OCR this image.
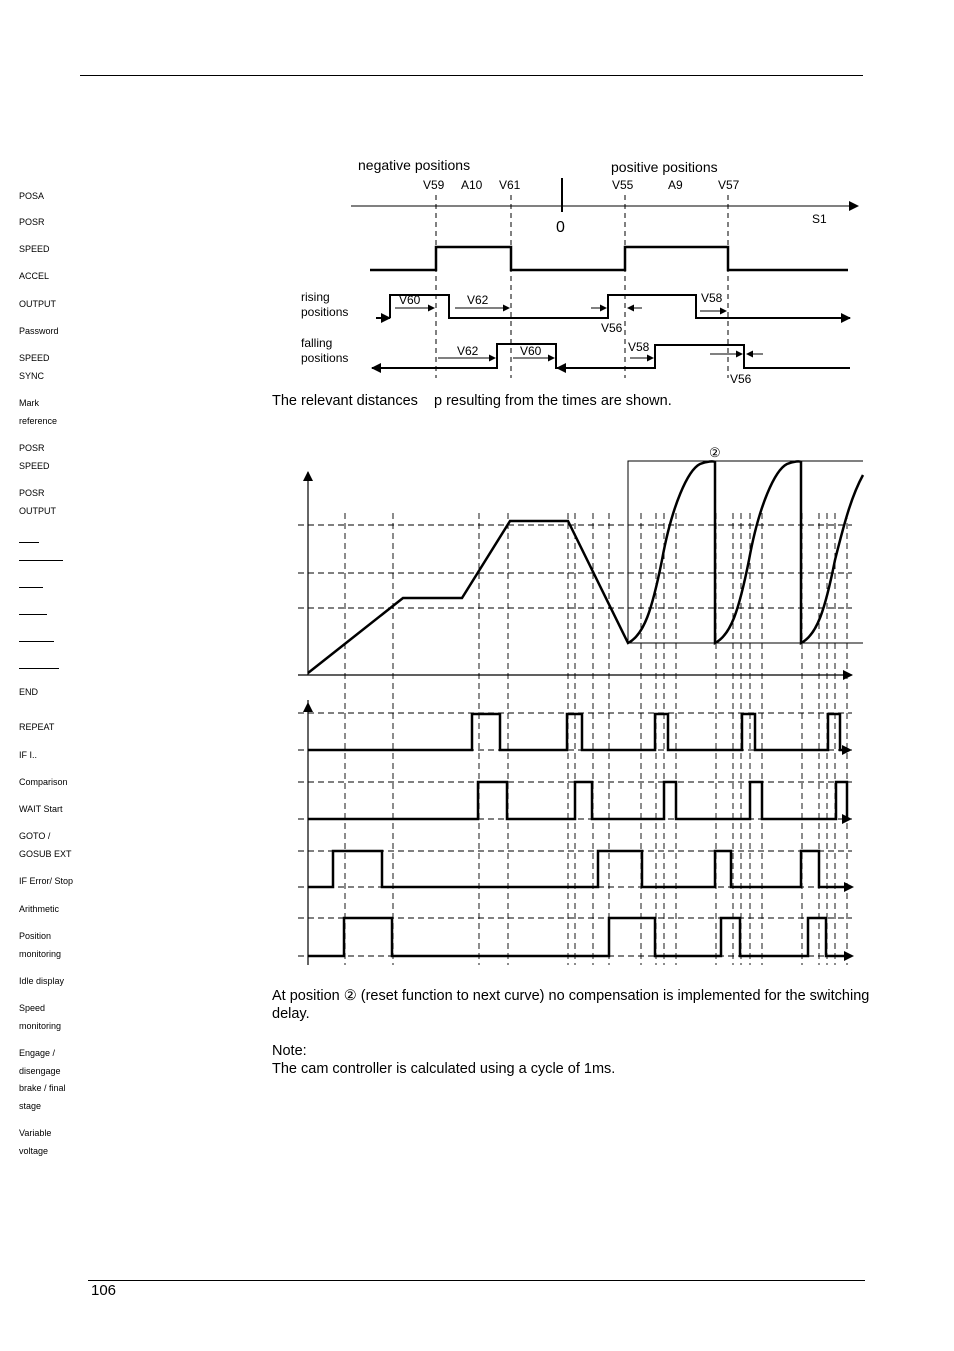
POSA
POSR
SPEED
ACCEL
OUTPUT
Password
SPEED
SYNC
Mark
reference
POSR
SPEED
POSR
OUTPUT
END
REPEAT
IF I..
Comparison
WAIT Start
GOTO /
GOSUB EXT
IF Error/ Stop
Arithmetic
Position
monitoring
Idle display
Speed
monitoring
Engage /
disengage
brake / final
stage
Variable
voltage
negative positions	positive positions
V59 A10 V61	V55	A9	V57
0	S1
rising
positions
V60	V62
V56
V58
falling
positions	V62	V60	V58
V56
The relevant distances    p resulting from the times are shown.
②
At position ② (reset function to next curve) no compensation is implemented for the switching delay.
Note:
The cam controller is calculated using a cycle of 1ms.
106
